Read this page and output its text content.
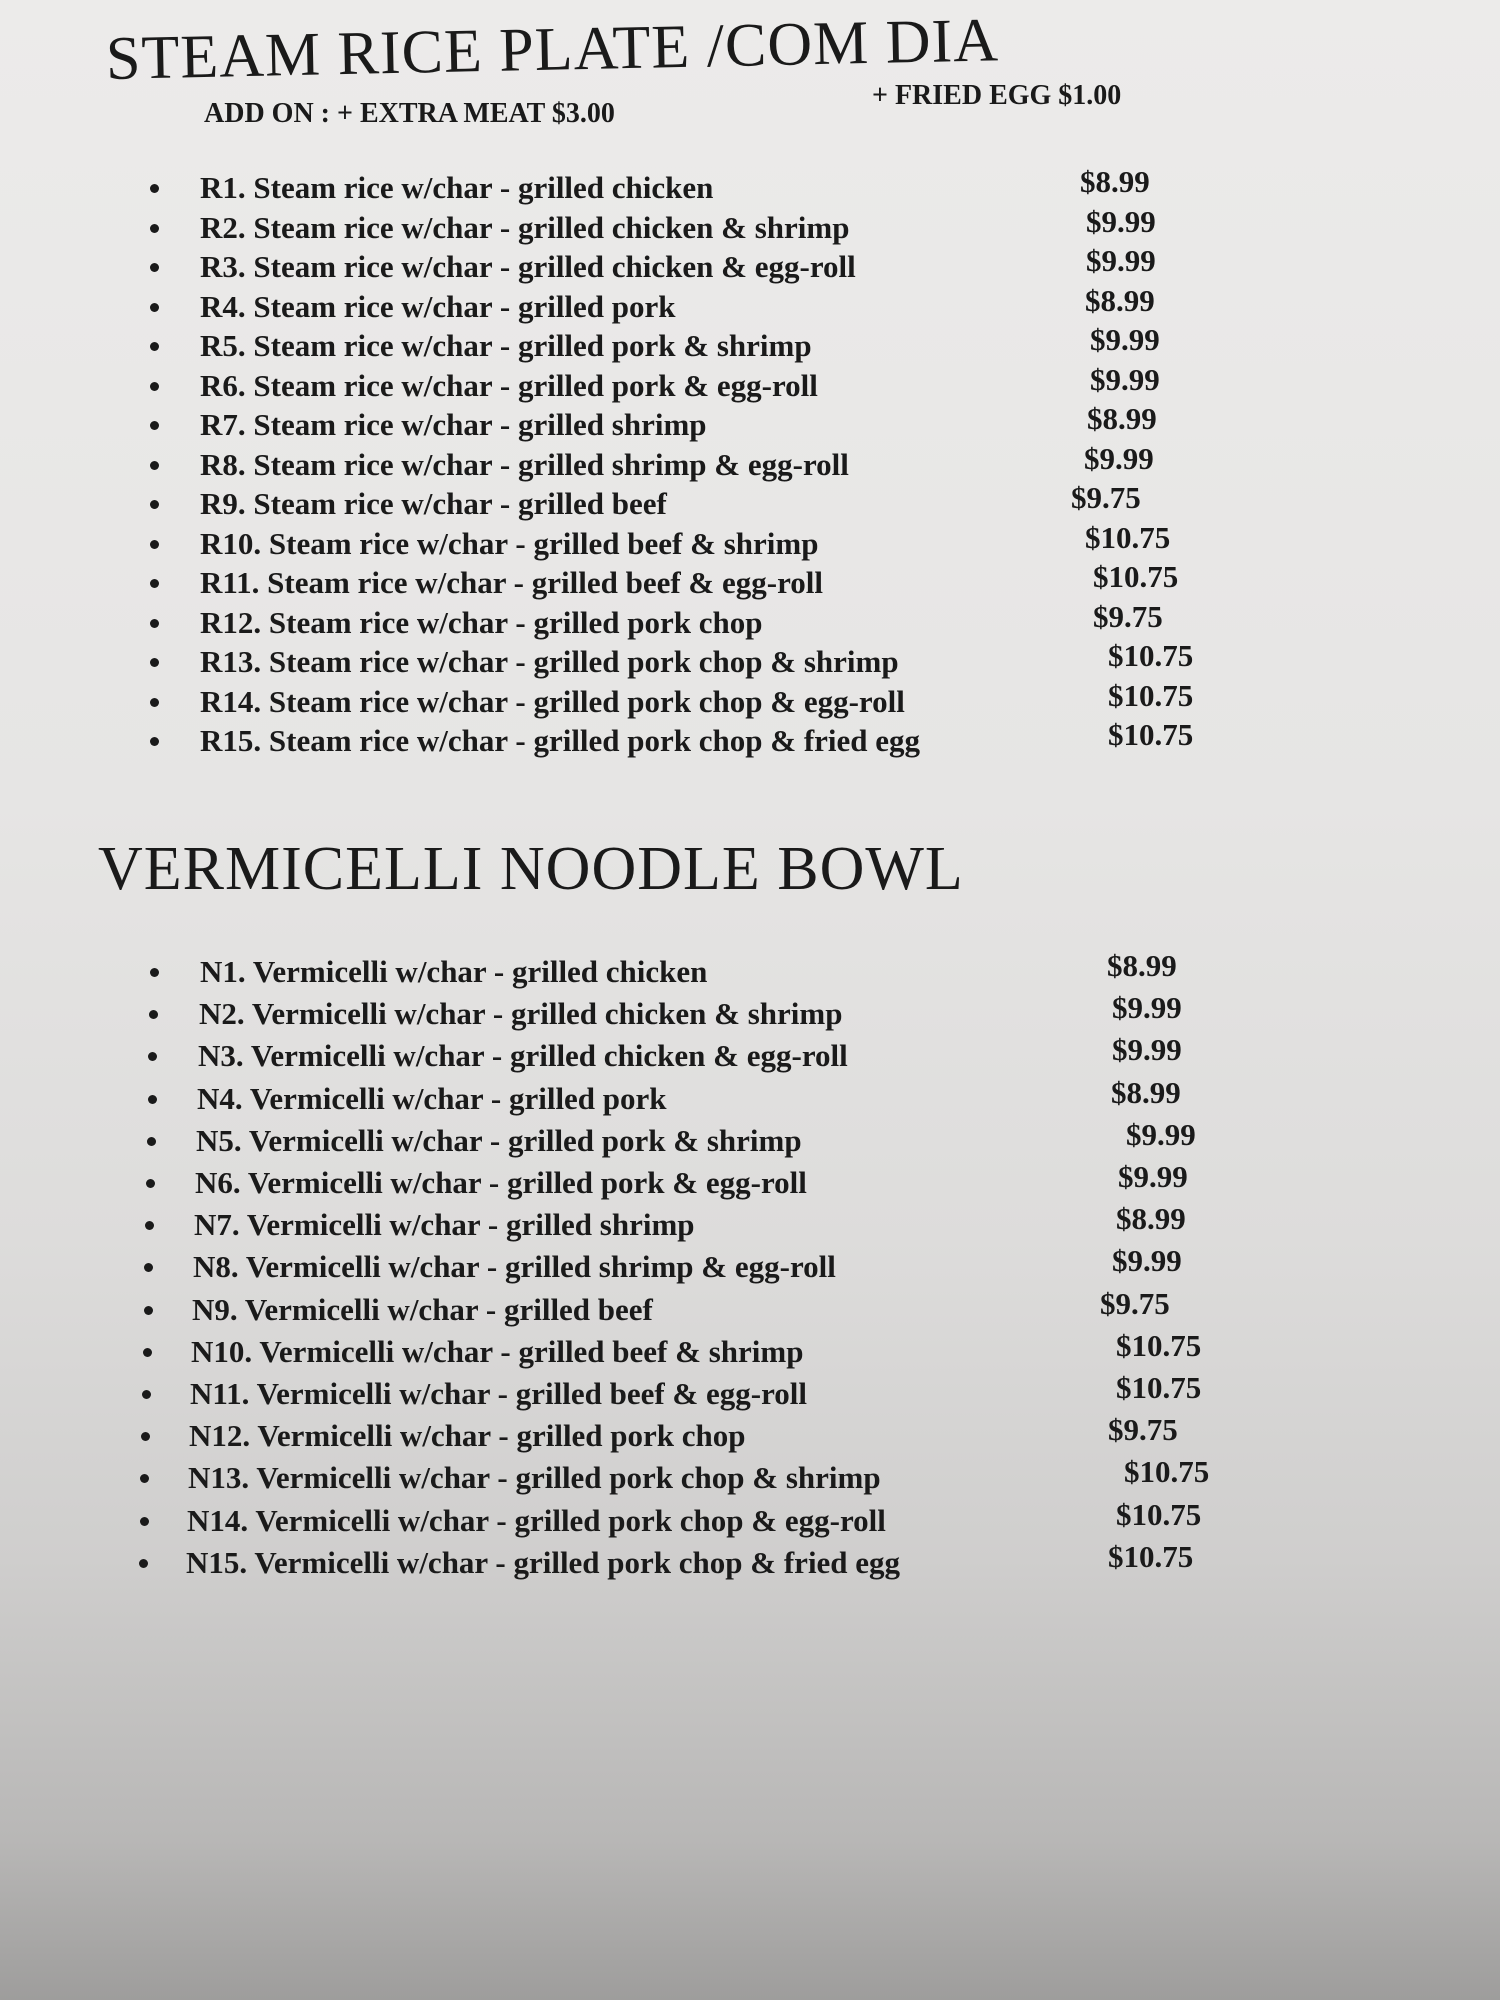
STEAM RICE PLATE /COM DIA
ADD ON : + EXTRA MEAT $3.00
+ FRIED EGG $1.00
R1. Steam rice w/char - grilled chicken	$8.99
R2. Steam rice w/char - grilled chicken & shrimp	$9.99
R3. Steam rice w/char - grilled chicken & egg-roll	$9.99
R4. Steam rice w/char - grilled pork	$8.99
R5. Steam rice w/char - grilled pork & shrimp	$9.99
R6. Steam rice w/char - grilled pork & egg-roll	$9.99
R7. Steam rice w/char - grilled shrimp	$8.99
R8. Steam rice w/char - grilled shrimp & egg-roll	$9.99
R9. Steam rice w/char - grilled beef	$9.75
R10. Steam rice w/char - grilled beef & shrimp	$10.75
R11. Steam rice w/char - grilled beef & egg-roll	$10.75
R12. Steam rice w/char - grilled pork chop	$9.75
R13. Steam rice w/char - grilled pork chop & shrimp	$10.75
R14. Steam rice w/char - grilled pork chop & egg-roll	$10.75
R15. Steam rice w/char - grilled pork chop & fried egg	$10.75
VERMICELLI NOODLE BOWL
N1. Vermicelli w/char - grilled chicken	$8.99
N2. Vermicelli w/char - grilled chicken & shrimp	$9.99
N3. Vermicelli w/char - grilled chicken & egg-roll	$9.99
N4. Vermicelli w/char - grilled pork	$8.99
N5. Vermicelli w/char - grilled pork & shrimp	$9.99
N6. Vermicelli w/char - grilled pork & egg-roll	$9.99
N7. Vermicelli w/char - grilled shrimp	$8.99
N8. Vermicelli w/char - grilled shrimp & egg-roll	$9.99
N9. Vermicelli w/char - grilled beef	$9.75
N10. Vermicelli w/char - grilled beef & shrimp	$10.75
N11. Vermicelli w/char - grilled beef & egg-roll	$10.75
N12. Vermicelli w/char - grilled pork chop	$9.75
N13. Vermicelli w/char - grilled pork chop & shrimp	$10.75
N14. Vermicelli w/char - grilled pork chop & egg-roll	$10.75
N15. Vermicelli w/char - grilled pork chop & fried egg	$10.75
